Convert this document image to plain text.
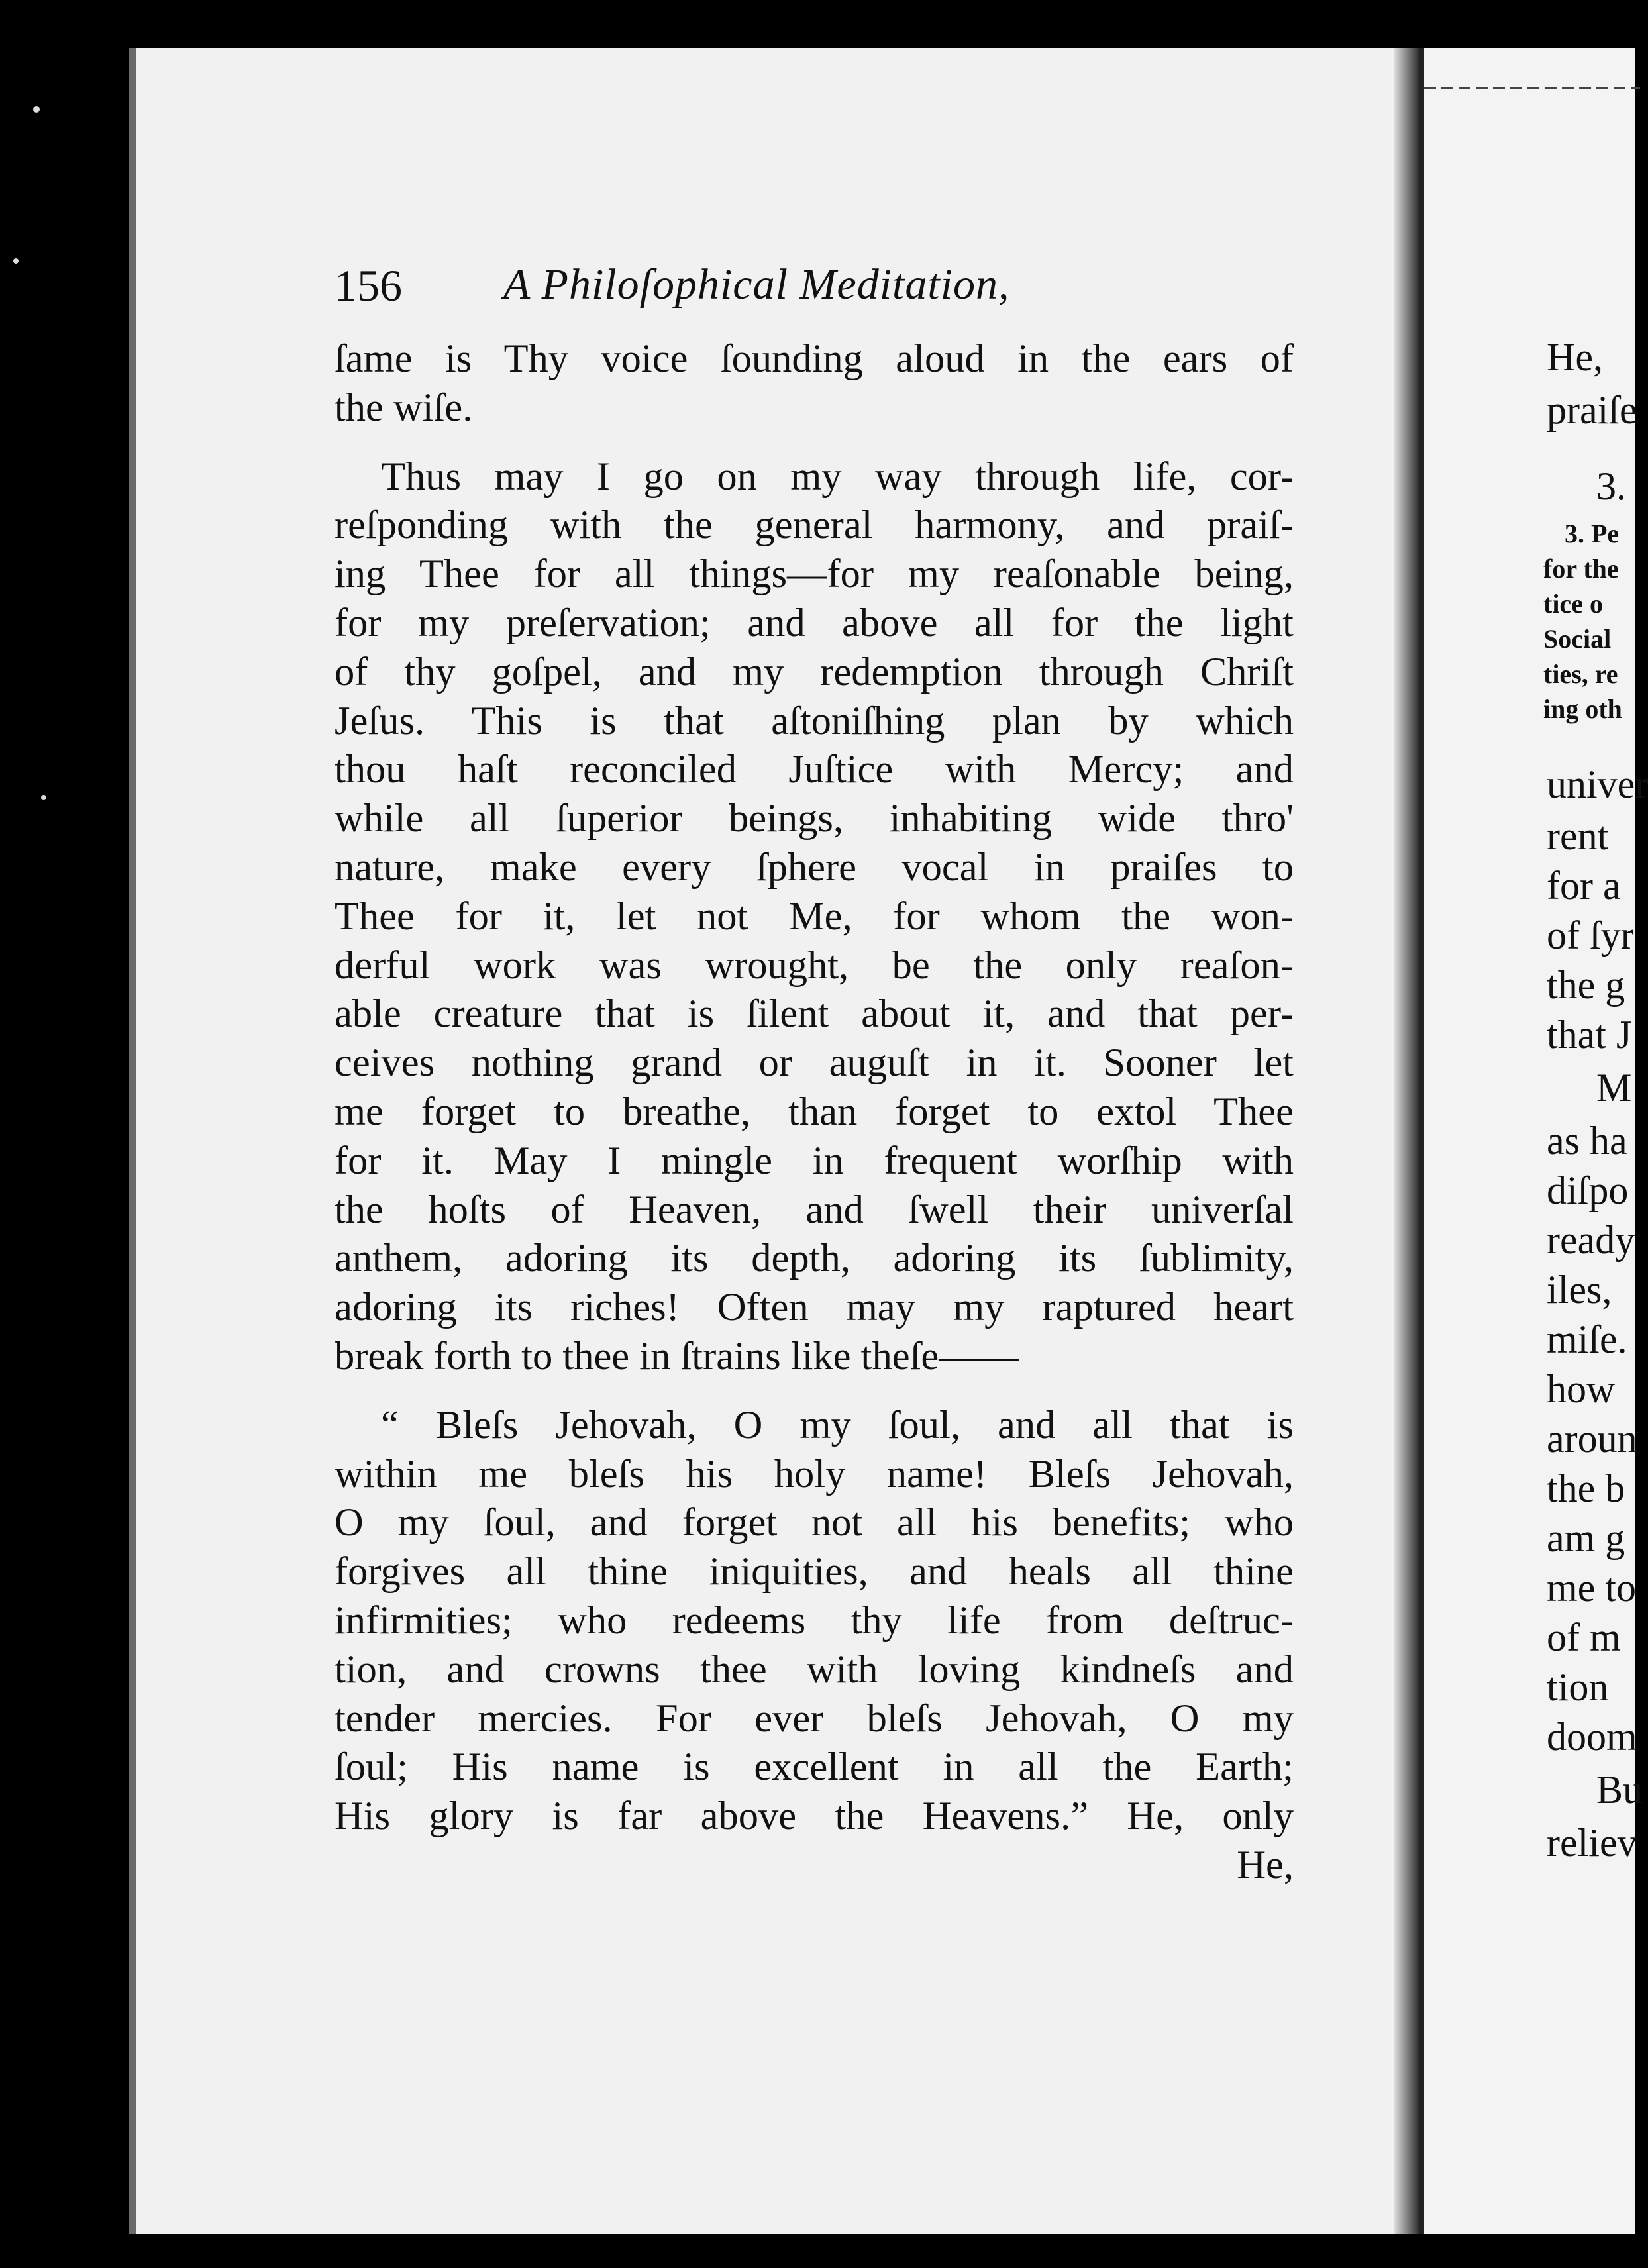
156 A Philoſophical Meditation,
ſame is Thy voice ſounding aloud in the ears of
the wiſe.
Thus may I go on my way through life, cor-
reſponding with the general harmony, and praiſ-
ing Thee for all things—for my reaſonable being,
for my preſervation; and above all for the light
of thy goſpel, and my redemption through Chriſt
Jeſus. This is that aſtoniſhing plan by which
thou haſt reconciled Juſtice with Mercy; and
while all ſuperior beings, inhabiting wide thro'
nature, make every ſphere vocal in praiſes to
Thee for it, let not Me, for whom the won-
derful work was wrought, be the only reaſon-
able creature that is ſilent about it, and that per-
ceives nothing grand or auguſt in it. Sooner let
me forget to breathe, than forget to extol Thee
for it. May I mingle in frequent worſhip with
the hoſts of Heaven, and ſwell their univerſal
anthem, adoring its depth, adoring its ſublimity,
adoring its riches! Often may my raptured heart
break forth to thee in ſtrains like theſe——
“ Bleſs Jehovah, O my ſoul, and all that is
within me bleſs his holy name! Bleſs Jehovah,
O my ſoul, and forget not all his benefits; who
forgives all thine iniquities, and heals all thine
infirmities; who redeems thy life from deſtruc-
tion, and crowns thee with loving kindneſs and
tender mercies. For ever bleſs Jehovah, O my
ſoul; His name is excellent in all the Earth;
His glory is far above the Heavens.” He, only
He,
He,
praiſe
3.
3. Pe
for the
tice o
Social
ties, re
ing oth
univer
rent
for a
of ſyr
the g
that J
M
as ha
diſpo
ready
iles,
miſe.
how
aroun
the b
am g
me to
of m
tion
doom
Bu
reliev
